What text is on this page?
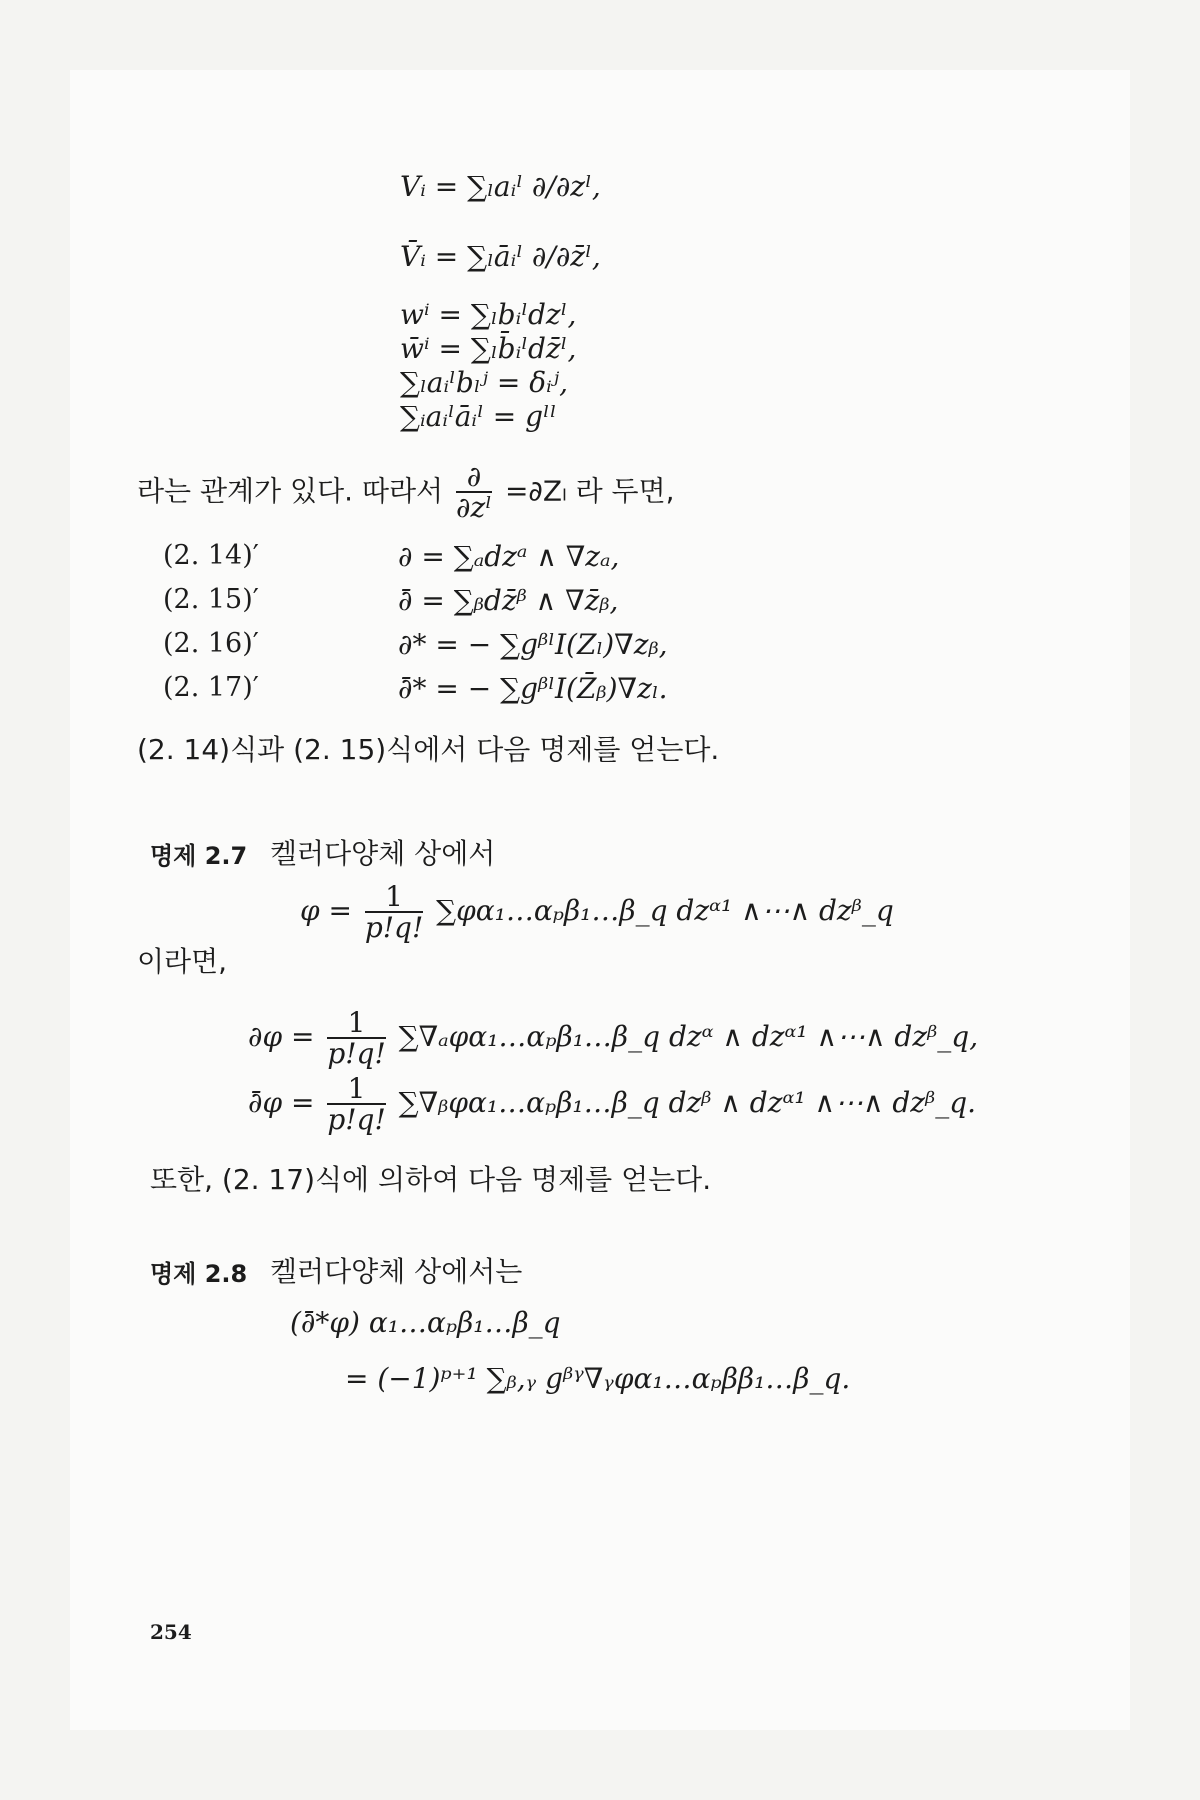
Vᵢ = ∑ₗaᵢˡ ∂/∂zˡ,
V̄ᵢ = ∑ₗāᵢˡ ∂/∂z̄ˡ,
wⁱ = ∑ₗbᵢˡdzˡ,
w̄ⁱ = ∑ₗb̄ᵢˡdz̄ˡ,
∑ₗaᵢˡbₗʲ = δᵢʲ,
∑ᵢaᵢˡāᵢˡ = gˡˡ
라는 관계가 있다. 따라서 $\frac{\partial}{\text{∂zˡ}} =\partial Z_l$ 라 두면,
(2. 14)′	∂ = ∑ₐdzᵃ ∧ ∇zₐ,
(2. 15)′	∂̄ = ∑ᵦdz̄ᵝ ∧ ∇z̄ᵦ,
(2. 16)′	∂* = − ∑gᵝˡI(Zₗ)∇zᵦ,
(2. 17)′	∂̄* = − ∑gᵝˡI(Z̄ᵦ)∇zₗ.
(2. 14)식과 (2. 15)식에서 다음 명제를 얻는다.
명제 2.7 켈러다양체 상에서
$\varphi = \frac{1}{p!q!}$ ∑φα₁…αₚβ₁…β_q dzᵅ¹ ∧⋯∧ dzᵝ_q
이라면,
$\partial\varphi = \frac{1}{p!q!}$ ∑∇ₐφα₁…αₚβ₁…β_q dzᵅ ∧ dzᵅ¹ ∧⋯∧ dzᵝ_q,
∂̄φ = $\frac{1}{p!q!}$ ∑∇ᵦφα₁…αₚβ₁…β_q dzᵝ ∧ dzᵅ¹ ∧⋯∧ dzᵝ_q.
또한, (2. 17)식에 의하여 다음 명제를 얻는다.
명제 2.8 켈러다양체 상에서는
(∂̄*φ) α₁…αₚβ₁…β_q
= (−1)ᵖ⁺¹ ∑ᵦ,ᵧ gᵝᵞ∇ᵧφα₁…αₚββ₁…β_q.
254
